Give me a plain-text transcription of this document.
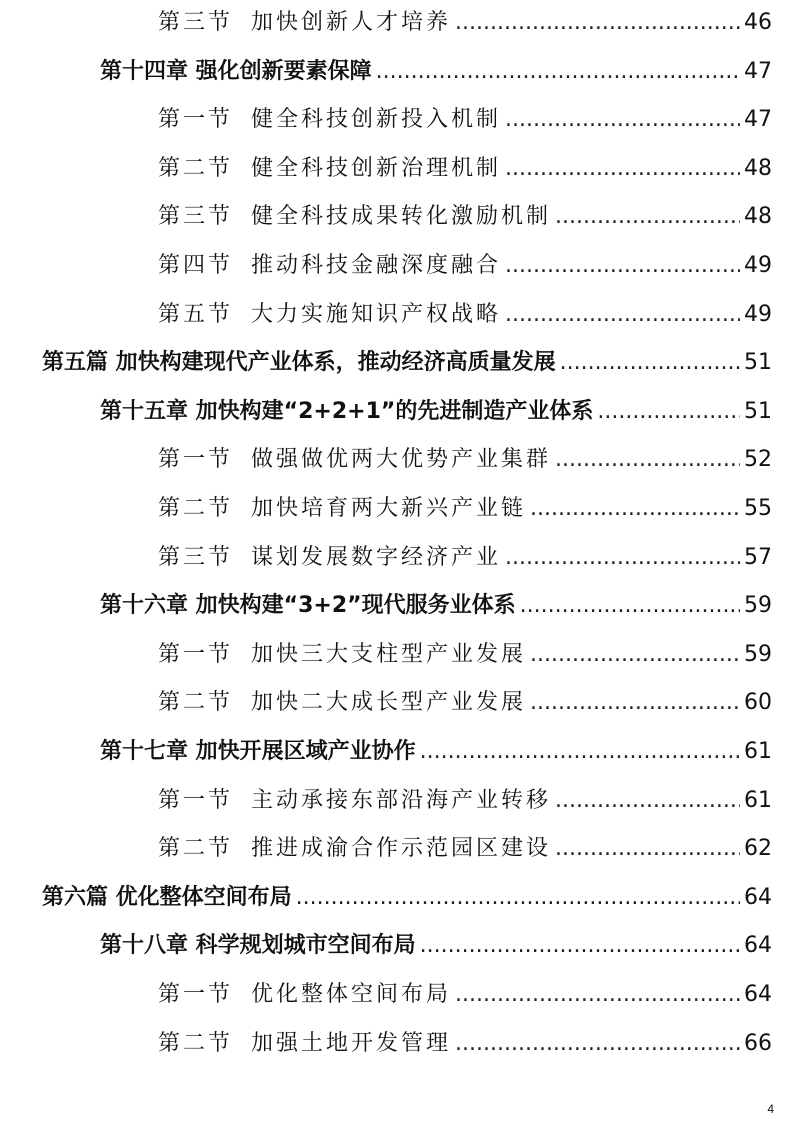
第三节 加快创新人才培养 .....	46
第十四章 强化创新要素保障 .....	47
第一节 健全科技创新投入机制 .....	47
第二节 健全科技创新治理机制 .....	48
第三节 健全科技成果转化激励机制 .....	48
第四节 推动科技金融深度融合 .....	49
第五节 大力实施知识产权战略 .....	49
第五篇 加快构建现代产业体系，推动经济高质量发展 .....	51
第十五章 加快构建“2+2+1”的先进制造产业体系 .....	51
第一节 做强做优两大优势产业集群 .....	52
第二节 加快培育两大新兴产业链 .....	55
第三节 谋划发展数字经济产业 .....	57
第十六章 加快构建“3+2”现代服务业体系 .....	59
第一节 加快三大支柱型产业发展 .....	59
第二节 加快二大成长型产业发展 .....	60
第十七章 加快开展区域产业协作 .....	61
第一节 主动承接东部沿海产业转移 .....	61
第二节 推进成渝合作示范园区建设 .....	62
第六篇 优化整体空间布局 .....	64
第十八章 科学规划城市空间布局 .....	64
第一节 优化整体空间布局 .....	64
第二节 加强土地开发管理 .....	66
4
